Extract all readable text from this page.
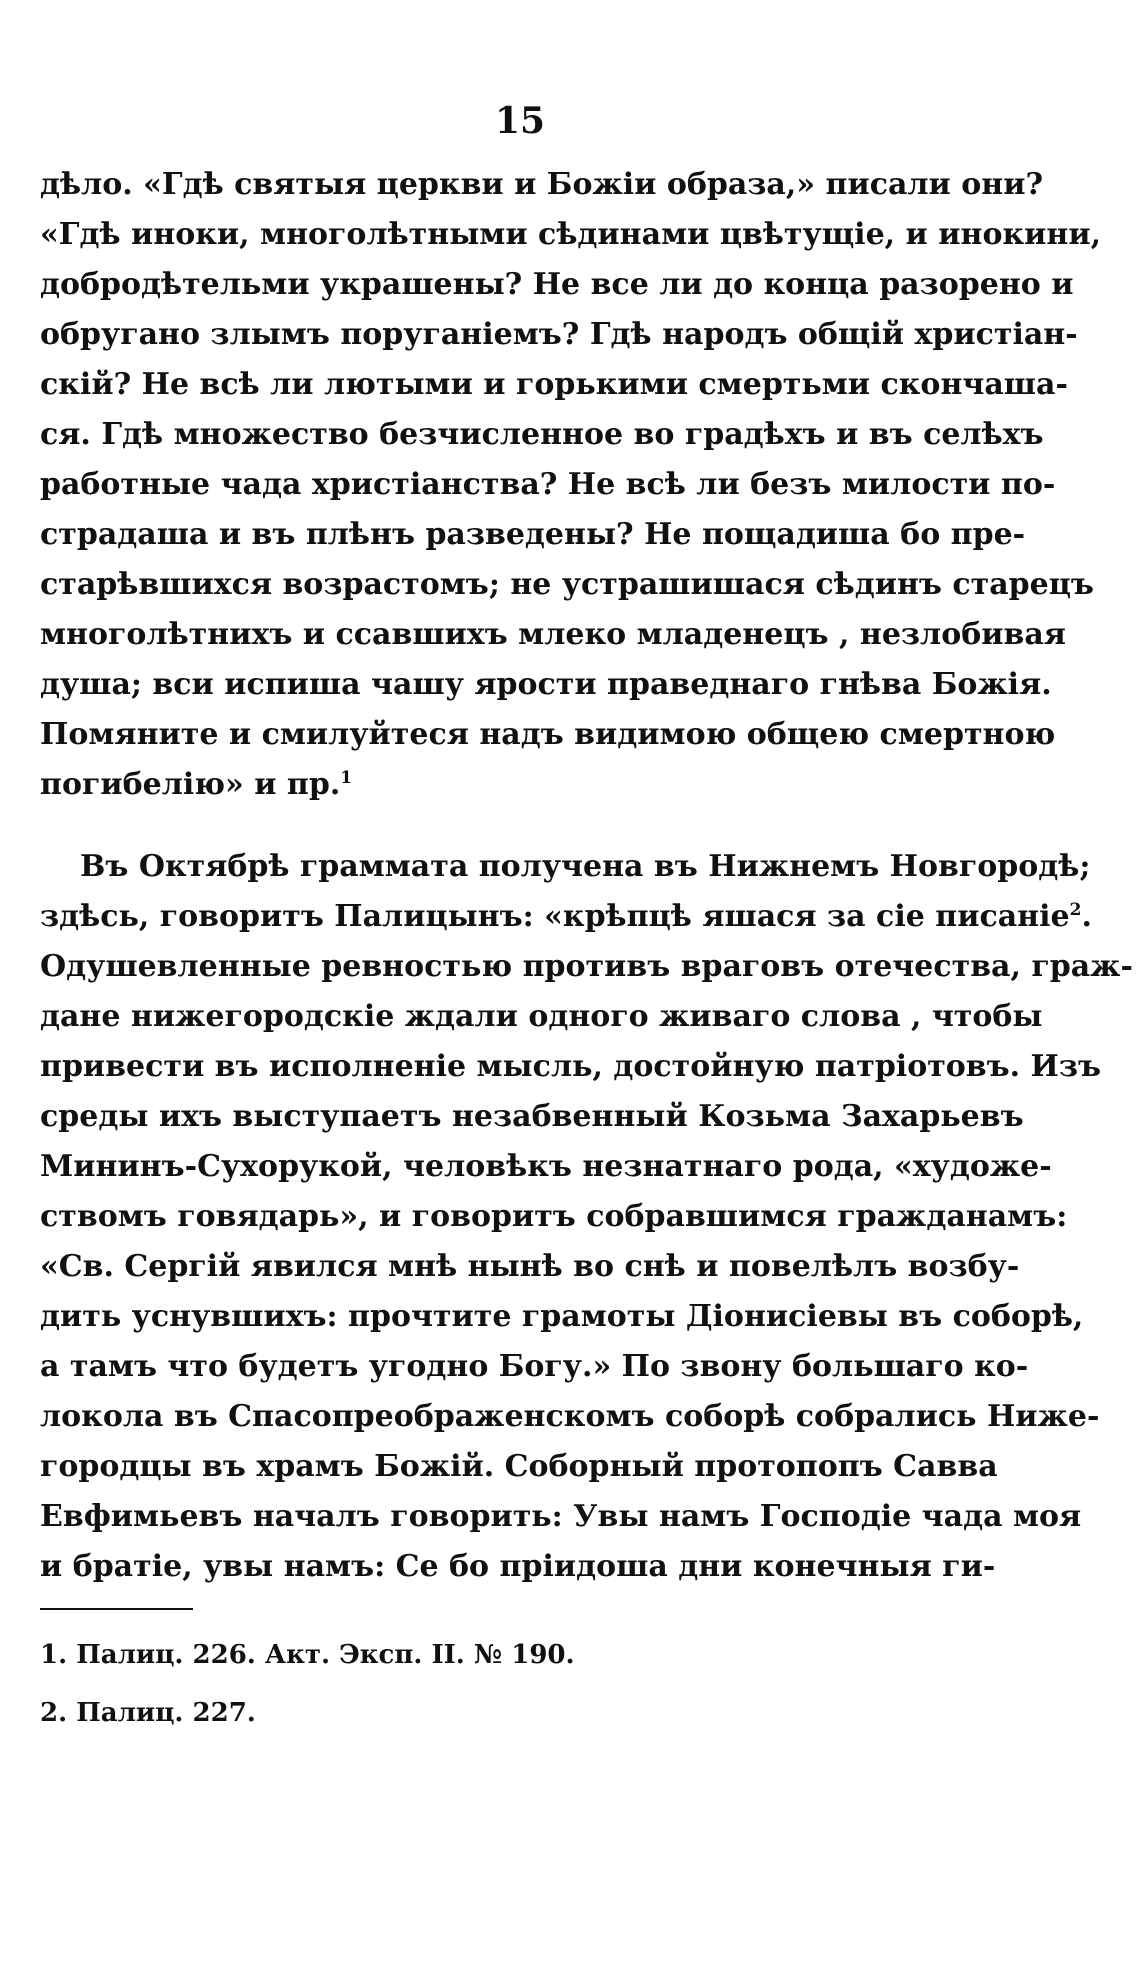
15
дѣло. «Гдѣ святыя церкви и Божіи образа,» писали они?
«Гдѣ иноки, многолѣтными сѣдинами цвѣтущіе, и инокини,
добродѣтельми украшены? Не все ли до конца разорено и
обругано злымъ поруганіемъ? Гдѣ народъ общій христіан-
скій? Не всѣ ли лютыми и горькими смертьми скончаша-
ся. Гдѣ множество безчисленное во градѣхъ и въ селѣхъ
работные чада христіанства? Не всѣ ли безъ милости по-
страдаша и въ плѣнъ разведены? Не пощадиша бо пре-
старѣвшихся возрастомъ; не устрашишася сѣдинъ старецъ
многолѣтнихъ и ссавшихъ млеко младенецъ , незлобивая
душа; вси испиша чашу ярости праведнаго гнѣва Божія.
Помяните и смилуйтеся надъ видимою общею смертною
погибелію» и пр.$^1$
Въ Октябрѣ граммата получена въ Нижнемъ Новгородѣ;
здѣсь, говоритъ Палицынъ: «крѣпцѣ яшася за сіе писаніе$^2$.
Одушевленные ревностью противъ враговъ отечества, граж-
дане нижегородскіе ждали одного живаго слова , чтобы
привести въ исполненіе мысль, достойную патріотовъ. Изъ
среды ихъ выступаетъ незабвенный Козьма Захарьевъ
Мининъ-Сухорукой, человѣкъ незнатнаго рода, «художе-
ствомъ говядарь», и говоритъ собравшимся гражданамъ:
«Св. Сергій явился мнѣ нынѣ во снѣ и повелѣлъ возбу-
дить уснувшихъ: прочтите грамоты Діонисіевы въ соборѣ,
а тамъ что будетъ угодно Богу.» По звону большаго ко-
локола въ Спасопреображенскомъ соборѣ собрались Ниже-
городцы въ храмъ Божій. Соборный протопопъ Савва
Евфимьевъ началъ говорить: Увы намъ Господіе чада моя
и братіе, увы намъ: Се бо пріидоша дни конечныя ги-
1. Палиц. 226. Акт. Эксп. II. № 190.
2. Палиц. 227.
